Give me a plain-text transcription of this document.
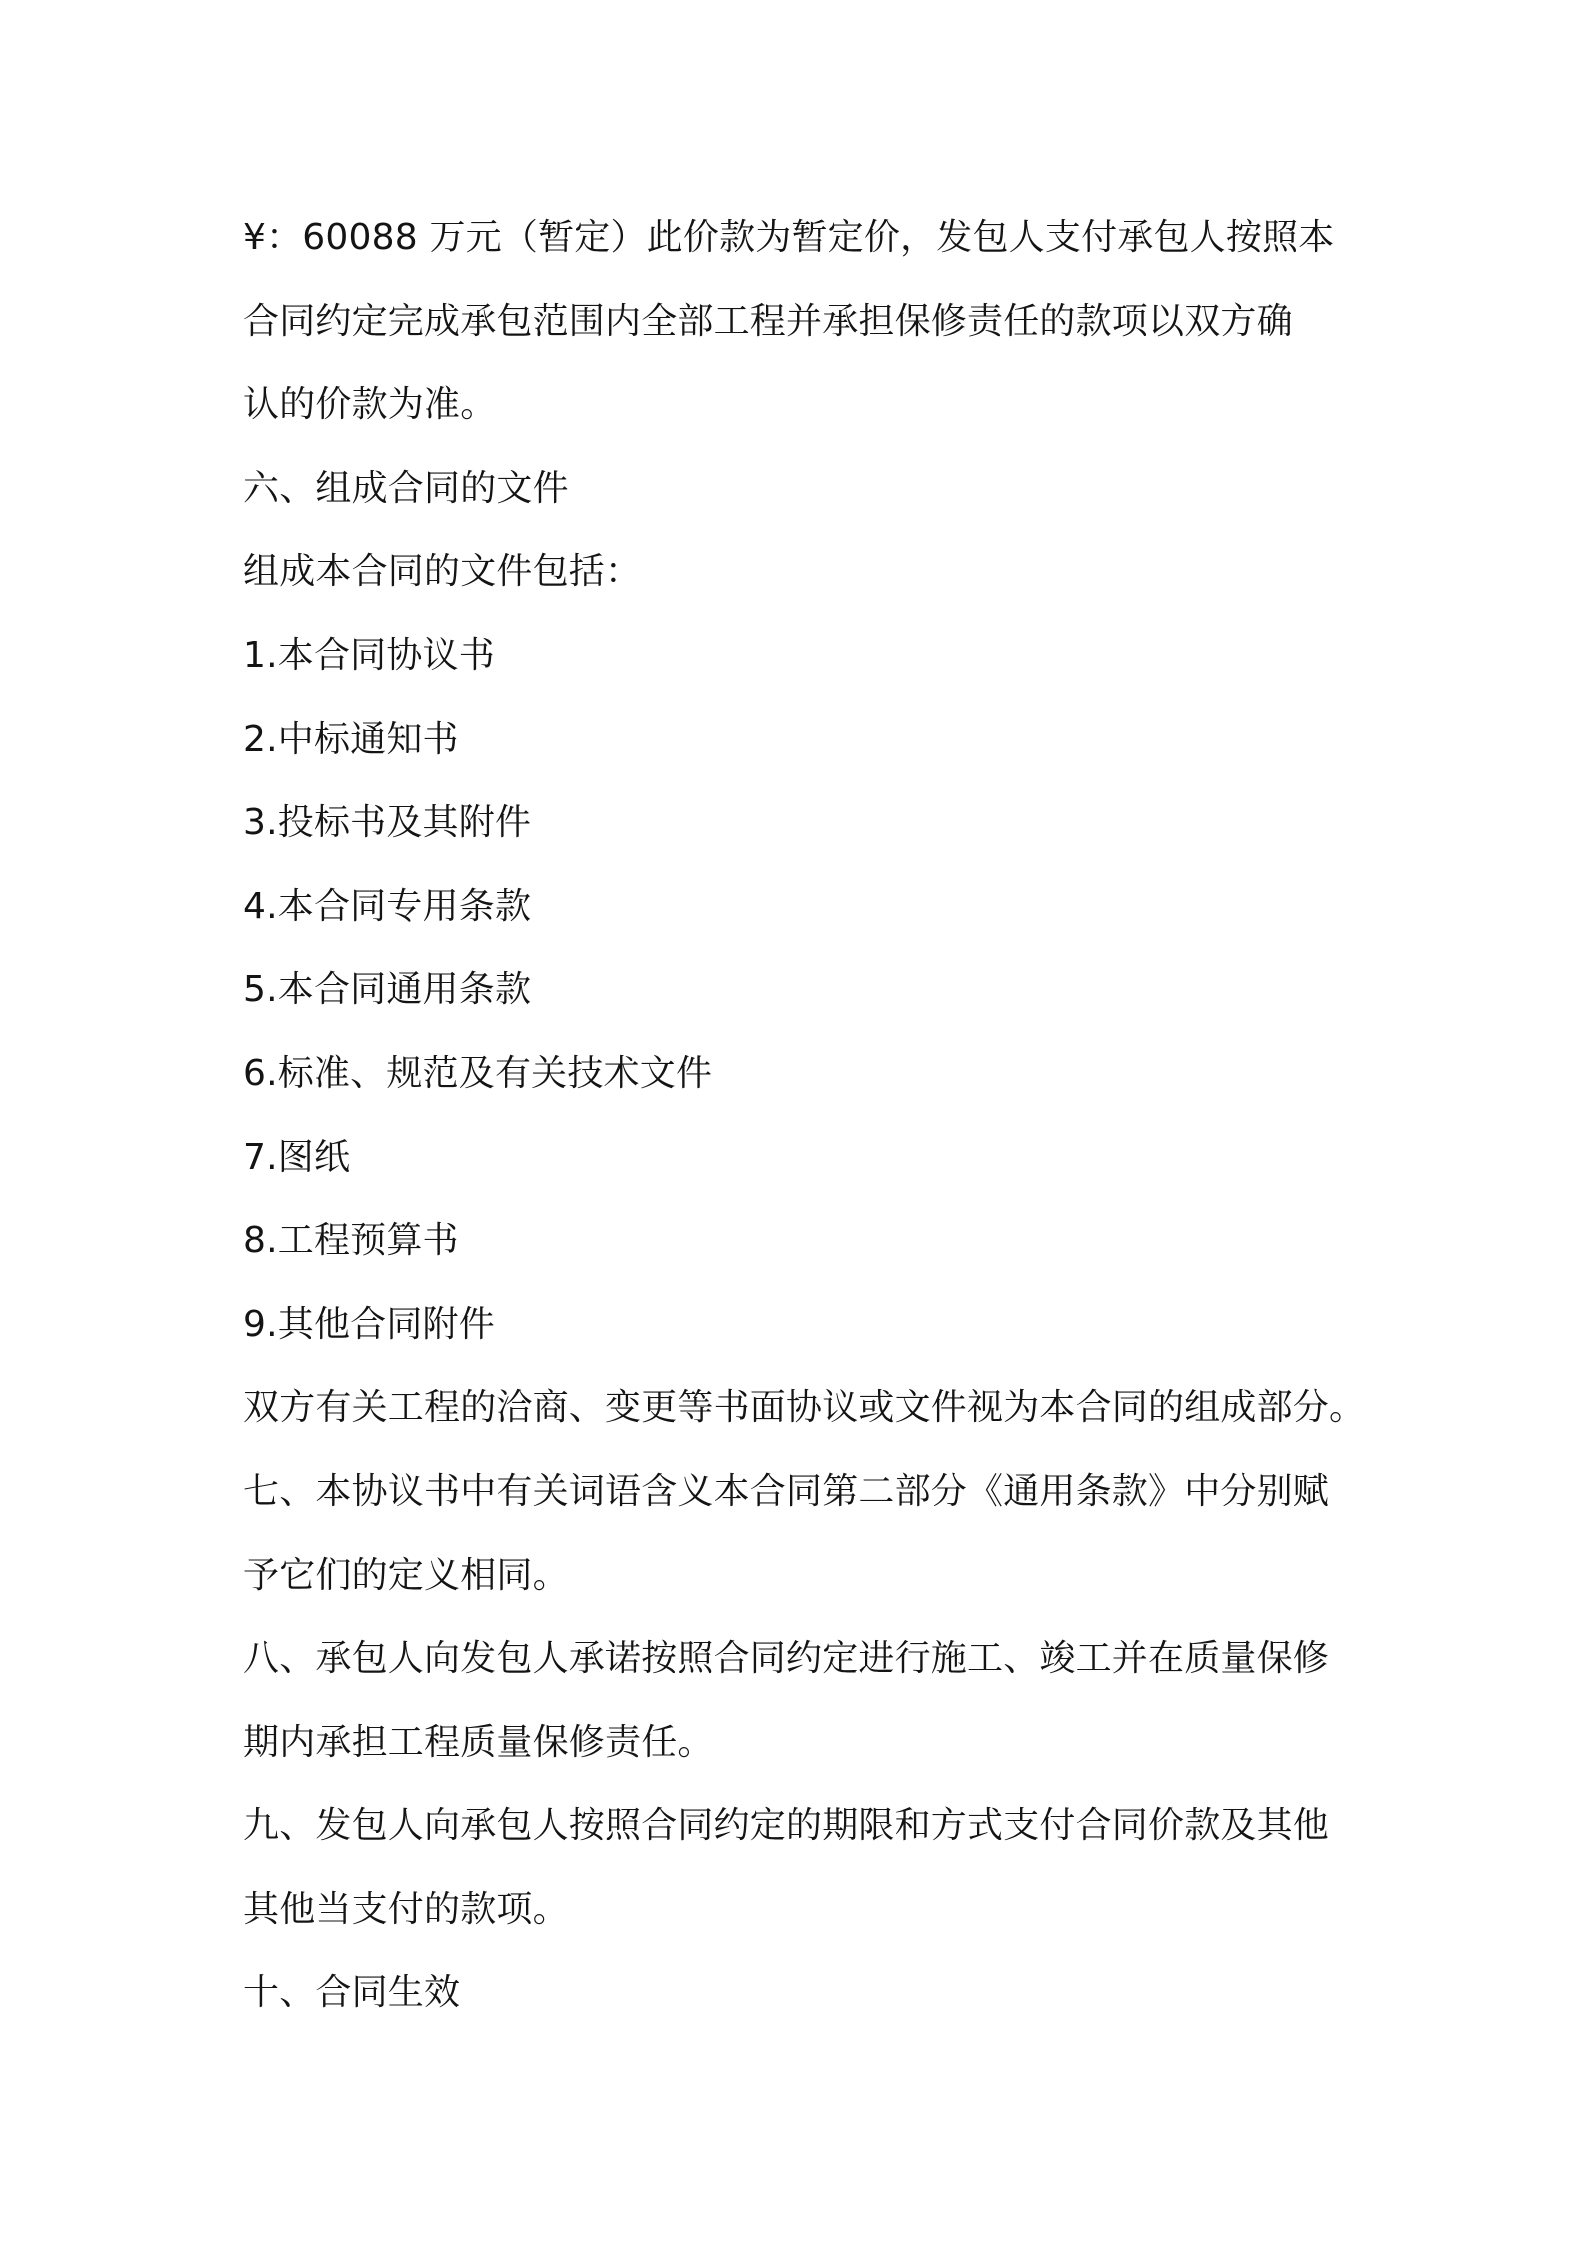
¥：60088 万元（暂定）此价款为暂定价，发包人支付承包人按照本
合同约定完成承包范围内全部工程并承担保修责任的款项以双方确
认的价款为准。
六、组成合同的文件
组成本合同的文件包括：
1.本合同协议书
2.中标通知书
3.投标书及其附件
4.本合同专用条款
5.本合同通用条款
6.标准、规范及有关技术文件
7.图纸
8.工程预算书
9.其他合同附件
双方有关工程的洽商、变更等书面协议或文件视为本合同的组成部分。
七、本协议书中有关词语含义本合同第二部分《通用条款》中分别赋
予它们的定义相同。
八、承包人向发包人承诺按照合同约定进行施工、竣工并在质量保修
期内承担工程质量保修责任。
九、发包人向承包人按照合同约定的期限和方式支付合同价款及其他
其他当支付的款项。
十、合同生效
